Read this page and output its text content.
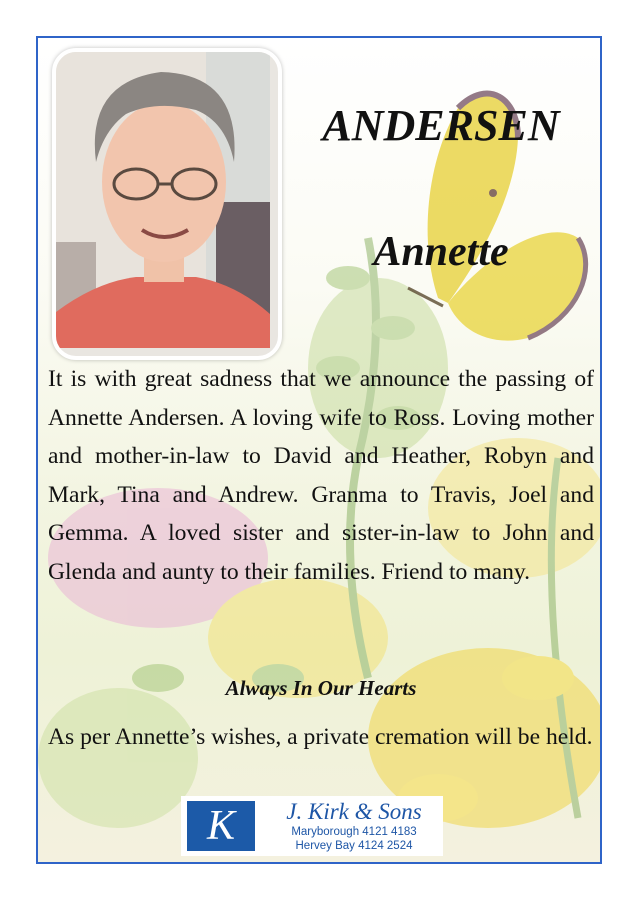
ANDERSEN
Annette
It is with great sadness that we announce the passing of Annette Andersen. A loving wife to Ross. Loving mother and mother-in-law to David and Heather, Robyn and Mark, Tina and Andrew. Granma to Travis, Joel and Gemma. A loved sister and sister-in-law to John and Glenda and aunty to their families. Friend to many.
Always In Our Hearts
As per Annette’s wishes, a private cremation will be held.
K	J. Kirk & Sons
Maryborough 4121 4183
Hervey Bay 4124 2524
